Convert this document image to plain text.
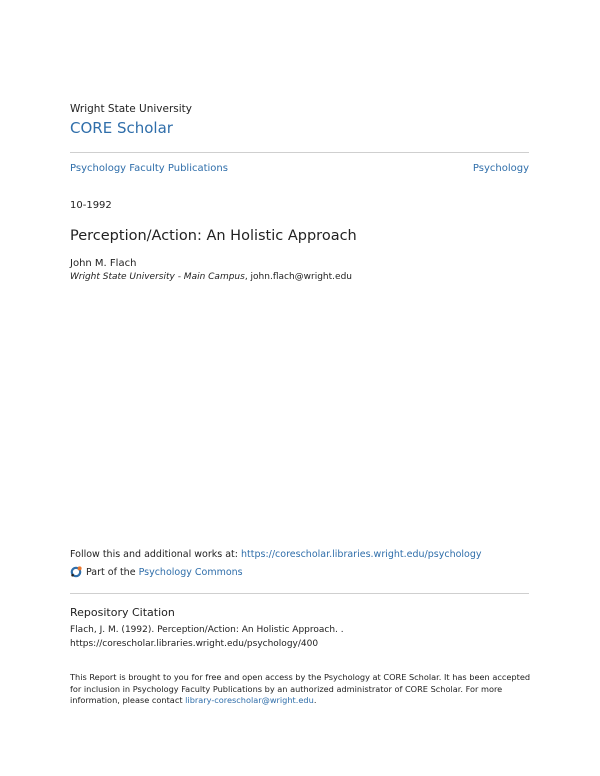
Wright State University
CORE Scholar
Psychology Faculty Publications	Psychology
10-1992
Perception/Action: An Holistic Approach
John M. Flach
Wright State University - Main Campus, john.flach@wright.edu
Follow this and additional works at: https://corescholar.libraries.wright.edu/psychology
Part of the
Psychology Commons
Repository Citation
Flach, J. M. (1992). Perception/Action: An Holistic Approach. .
https://corescholar.libraries.wright.edu/psychology/400
This Report is brought to you for free and open access by the Psychology at CORE Scholar. It has been accepted
for inclusion in Psychology Faculty Publications by an authorized administrator of CORE Scholar. For more
information, please contact library-corescholar@wright.edu.
